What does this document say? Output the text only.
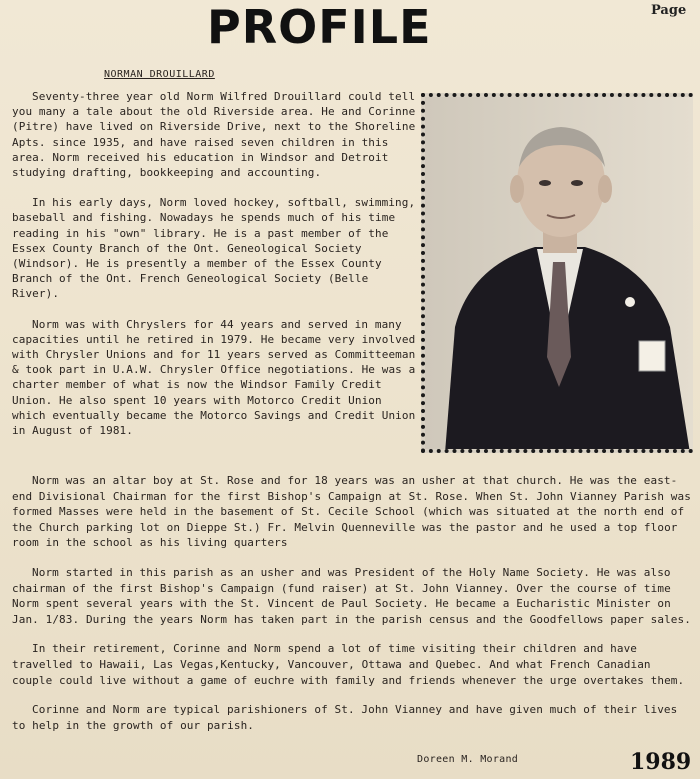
PROFILE	Page
NORMAN DROUILLARD

Seventy-three year old Norm Wilfred Drouillard could tell you many a tale about the old Riverside area. He and Corinne (Pitre) have lived on Riverside Drive, next to the Shoreline Apts. since 1935, and have raised seven children in this area. Norm received his education in Windsor and Detroit studying drafting, bookkeeping and accounting.

In his early days, Norm loved hockey, softball, swimming, baseball and fishing. Nowadays he spends much of his time reading in his "own" library. He is a past member of the Essex County Branch of the Ont. Geneological Society (Windsor). He is presently a member of the Essex County Branch of the Ont. French Geneological Society (Belle River).

Norm was with Chryslers for 44 years and served in many capacities until he retired in 1979. He became very involved with Chrysler Unions and for 11 years served as Committeeman & took part in U.A.W. Chrysler Office negotiations. He was a charter member of what is now the Windsor Family Credit Union. He also spent 10 years with Motorco Credit Union which eventually became the Motorco Savings and Credit Union in August of 1981.

Norm was an altar boy at St. Rose and for 18 years was an usher at that church. He was the east-end Divisional Chairman for the first Bishop's Campaign at St. Rose. When St. John Vianney Parish was formed Masses were held in the basement of St. Cecile School (which was situated at the north end of the Church parking lot on Dieppe St.) Fr. Melvin Quenneville was the pastor and he used a top floor room in the school as his living quarters

Norm started in this parish as an usher and was President of the Holy Name Society. He was also chairman of the first Bishop's Campaign (fund raiser) at St. John Vianney. Over the course of time Norm spent several years with the St. Vincent de Paul Society. He became a Eucharistic Minister on Jan. 1/83. During the years Norm has taken part in the parish census and the Goodfellows paper sales.

In their retirement, Corinne and Norm spend a lot of time visiting their children and have travelled to Hawaii, Las Vegas,Kentucky, Vancouver, Ottawa and Quebec. And what French Canadian couple could live without a game of euchre with family and friends whenever the urge overtakes them.

Corinne and Norm are typical parishioners of St. John Vianney and have given much of their lives to help in the growth of our parish.

Doreen M. Morand	1989
